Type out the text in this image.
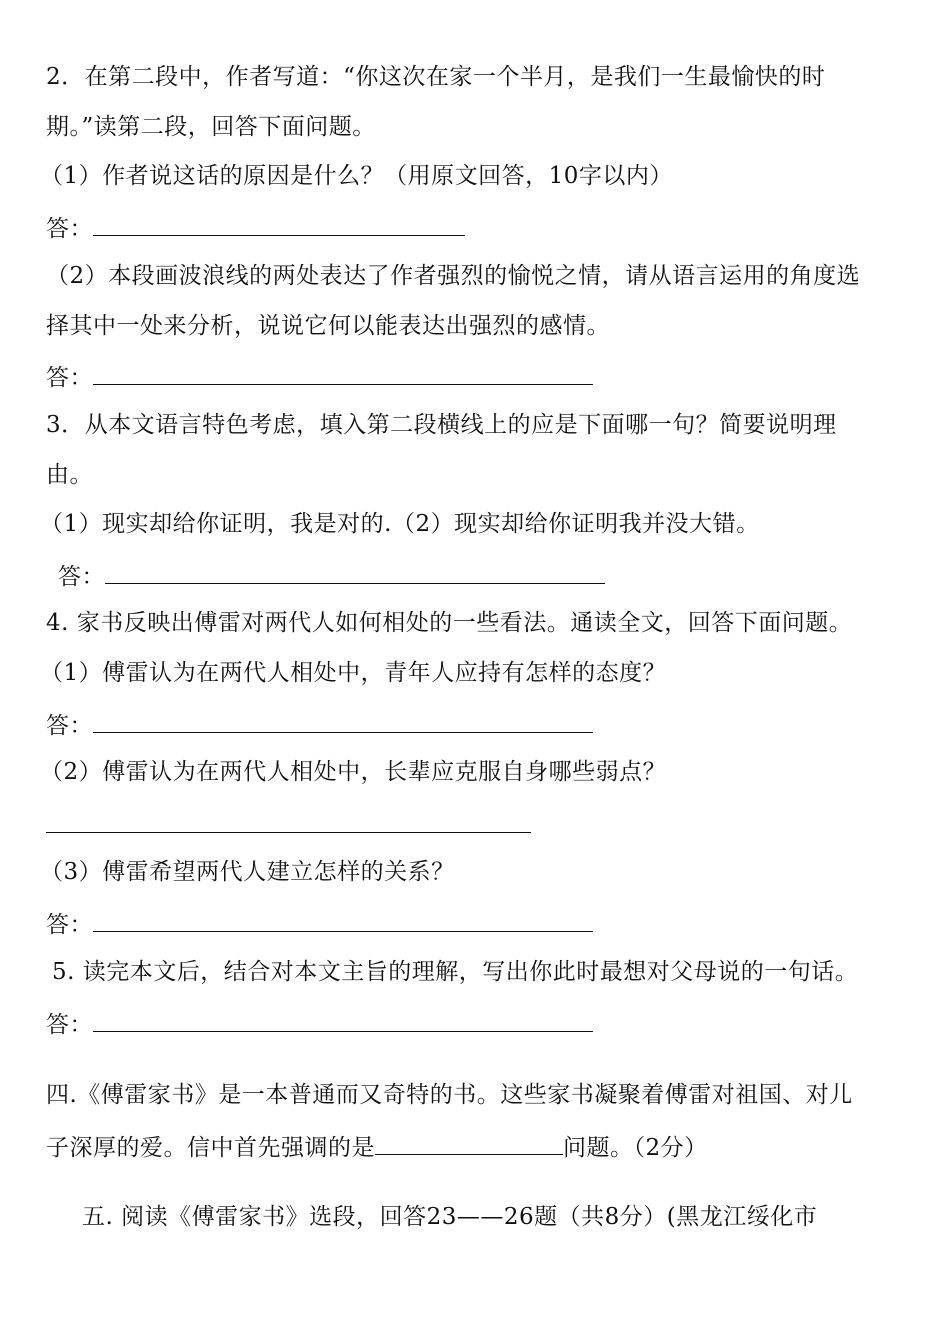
2．在第二段中，作者写道：“你这次在家一个半月，是我们一生最愉快的时
期。”读第二段，回答下面问题。
（1）作者说这话的原因是什么？（用原文回答，10字以内）
答：
（2）本段画波浪线的两处表达了作者强烈的愉悦之情，请从语言运用的角度选
择其中一处来分析，说说它何以能表达出强烈的感情。
答：
3．从本文语言特色考虑，填入第二段横线上的应是下面哪一句？简要说明理
由。
（1）现实却给你证明，我是对的.（2）现实却给你证明我并没大错。
答：
4. 家书反映出傅雷对两代人如何相处的一些看法。通读全文，回答下面问题。
（1）傅雷认为在两代人相处中，青年人应持有怎样的态度？
答：
（2）傅雷认为在两代人相处中，长辈应克服自身哪些弱点？
（3）傅雷希望两代人建立怎样的关系？
答：
5. 读完本文后，结合对本文主旨的理解，写出你此时最想对父母说的一句话。
答：
四.《傅雷家书》是一本普通而又奇特的书。这些家书凝聚着傅雷对祖国、对儿
子深厚的爱。信中首先强调的是	问题。（2分）
五. 阅读《傅雷家书》选段，回答23——26题（共8分）(黑龙江绥化市
